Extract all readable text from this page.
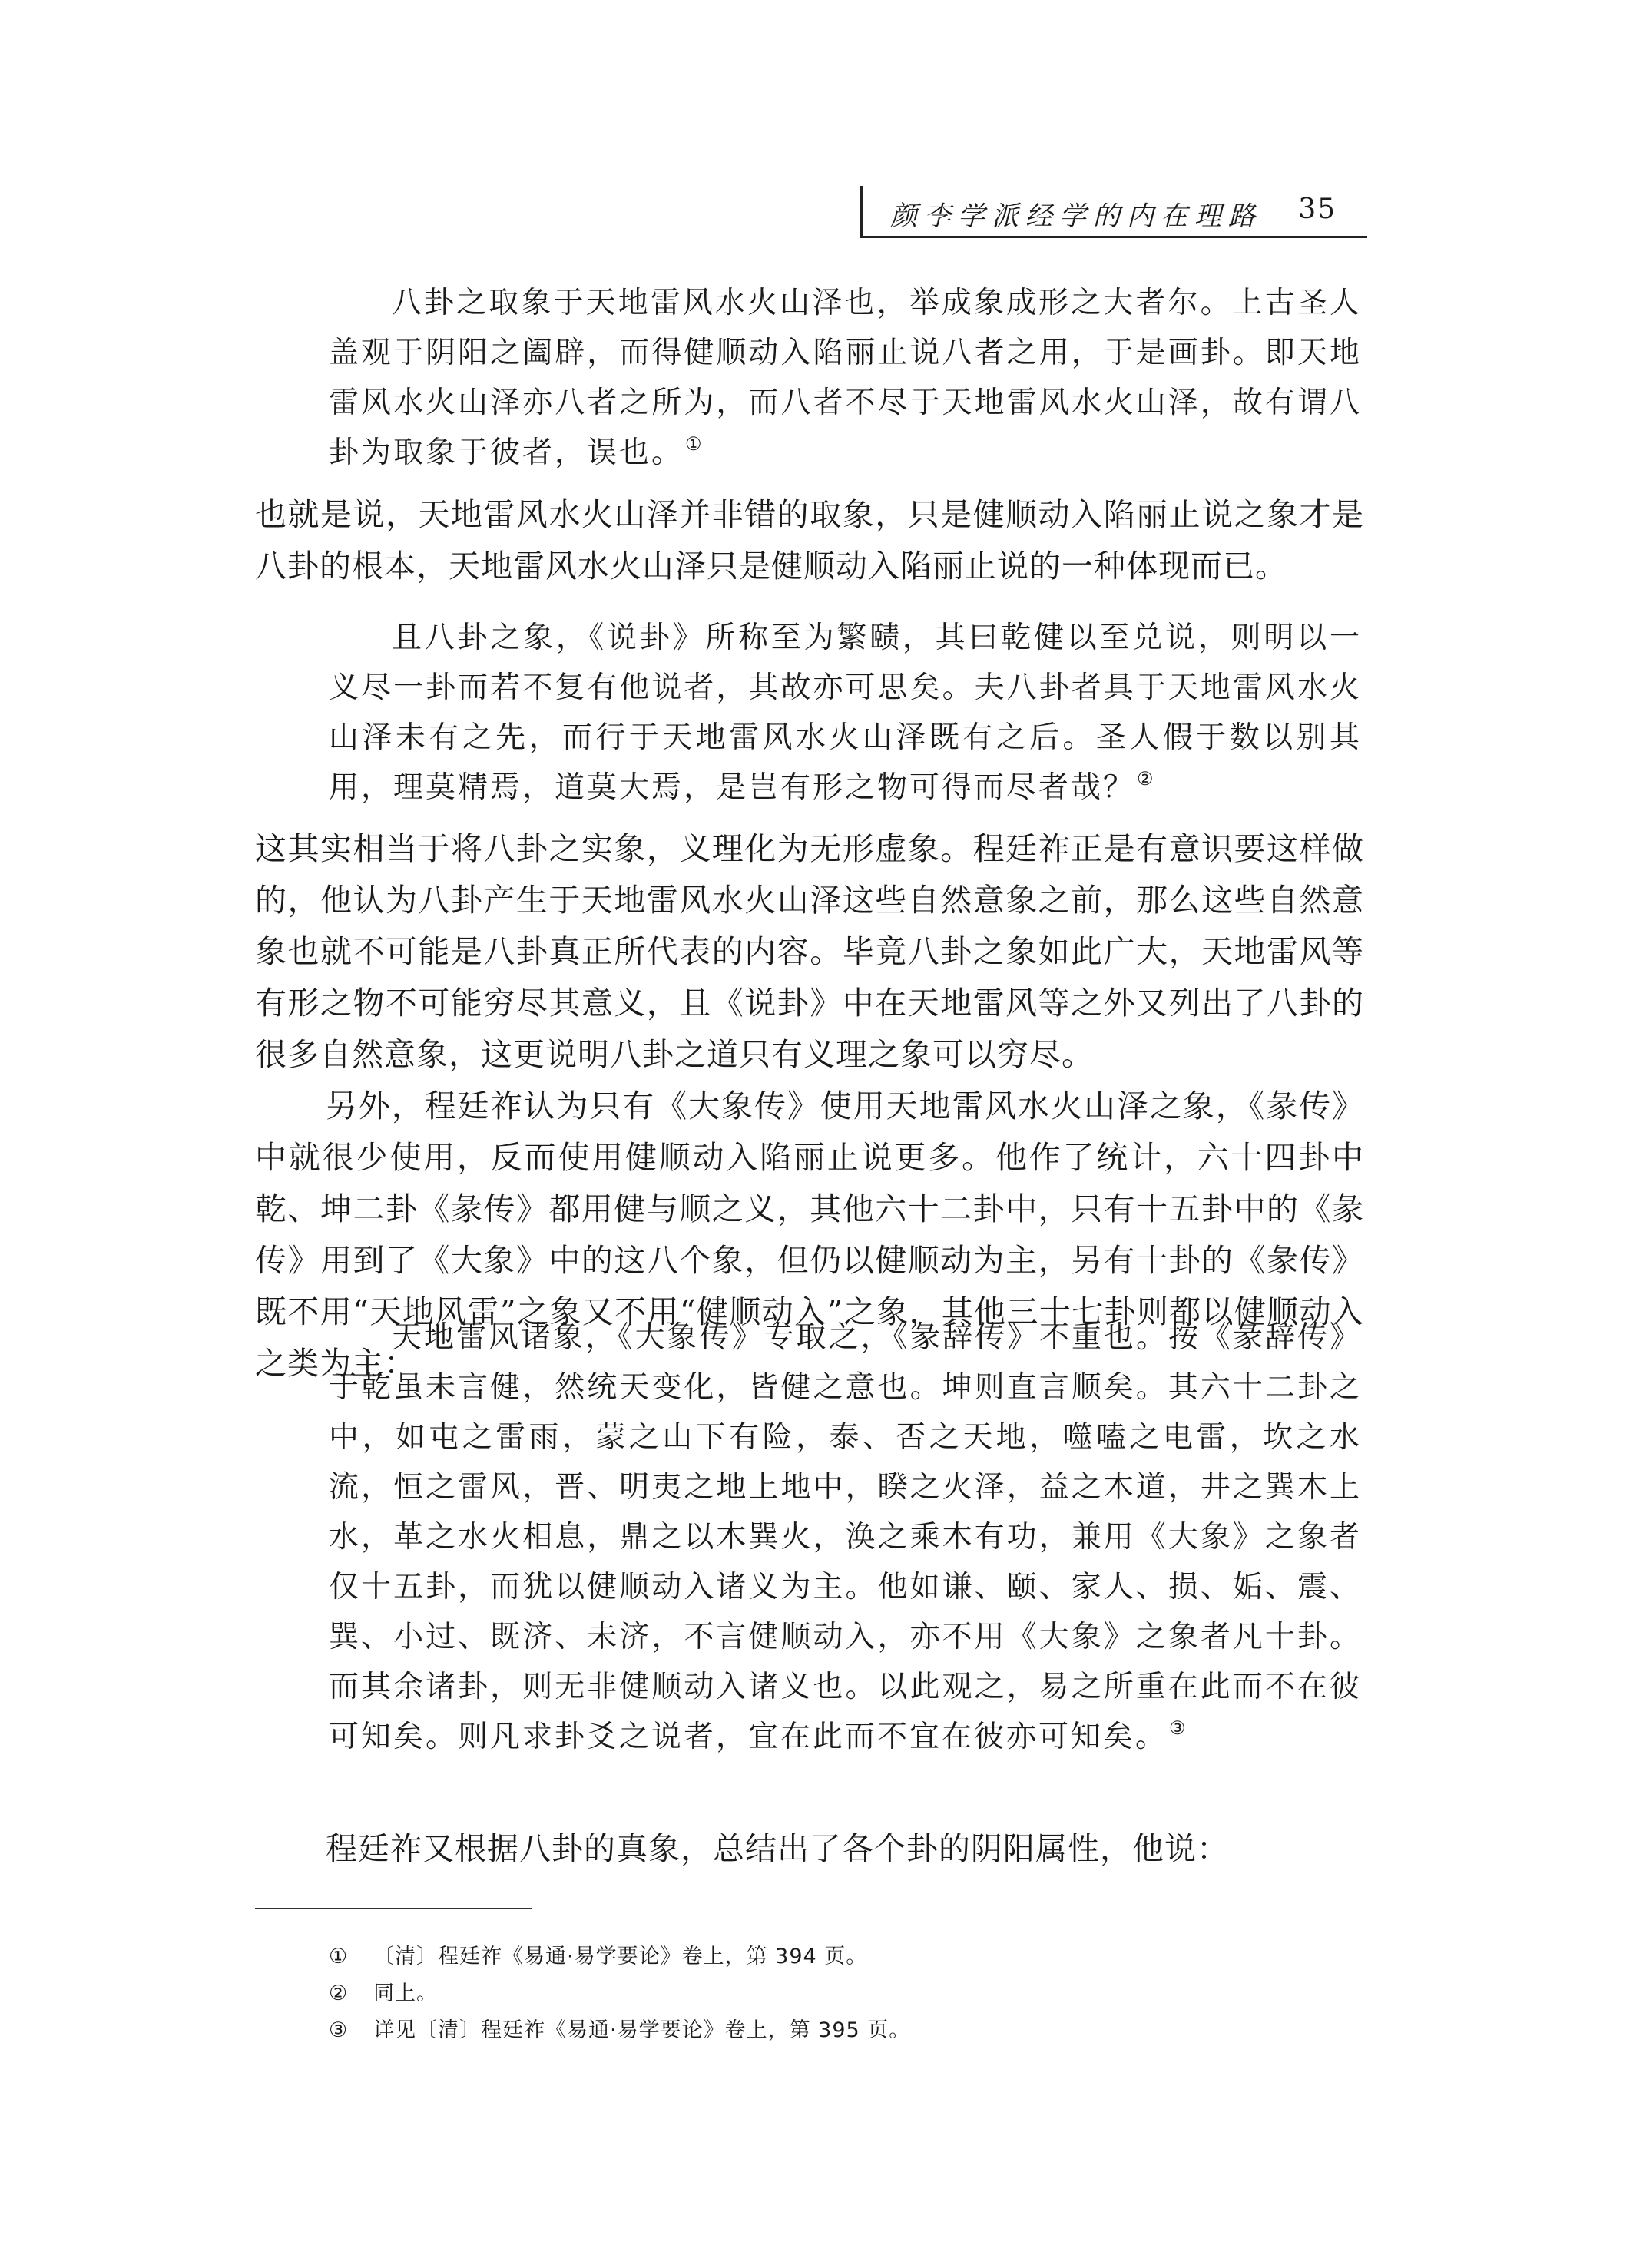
颜李学派经学的内在理路 35

八卦之取象于天地雷风水火山泽也，举成象成形之大者尔。上古圣人盖观于阴阳之阖辟，而得健顺动入陷丽止说八者之用，于是画卦。即天地雷风水火山泽亦八者之所为，而八者不尽于天地雷风水火山泽，故有谓八卦为取象于彼者，误也。①

也就是说，天地雷风水火山泽并非错的取象，只是健顺动入陷丽止说之象才是八卦的根本，天地雷风水火山泽只是健顺动入陷丽止说的一种体现而已。

且八卦之象，《说卦》所称至为繁赜，其曰乾健以至兑说，则明以一义尽一卦而若不复有他说者，其故亦可思矣。夫八卦者具于天地雷风水火山泽未有之先，而行于天地雷风水火山泽既有之后。圣人假于数以别其用，理莫精焉，道莫大焉，是岂有形之物可得而尽者哉？②

这其实相当于将八卦之实象，义理化为无形虚象。程廷祚正是有意识要这样做的，他认为八卦产生于天地雷风水火山泽这些自然意象之前，那么这些自然意象也就不可能是八卦真正所代表的内容。毕竟八卦之象如此广大，天地雷风等有形之物不可能穷尽其意义，且《说卦》中在天地雷风等之外又列出了八卦的很多自然意象，这更说明八卦之道只有义理之象可以穷尽。

另外，程廷祚认为只有《大象传》使用天地雷风水火山泽之象，《彖传》中就很少使用，反而使用健顺动入陷丽止说更多。他作了统计，六十四卦中乾、坤二卦《彖传》都用健与顺之义，其他六十二卦中，只有十五卦中的《彖传》用到了《大象》中的这八个象，但仍以健顺动为主，另有十卦的《彖传》既不用“天地风雷”之象又不用“健顺动入”之象，其他三十七卦则都以健顺动入之类为主：

天地雷风诸象，《大象传》专取之，《彖辞传》不重也。按《彖辞传》于乾虽未言健，然统天变化，皆健之意也。坤则直言顺矣。其六十二卦之中，如屯之雷雨，蒙之山下有险，泰、否之天地，噬嗑之电雷，坎之水流，恒之雷风，晋、明夷之地上地中，睽之火泽，益之木道，井之巽木上水，革之水火相息，鼎之以木巽火，涣之乘木有功，兼用《大象》之象者仅十五卦，而犹以健顺动入诸义为主。他如谦、颐、家人、损、姤、震、巽、小过、既济、未济，不言健顺动入，亦不用《大象》之象者凡十卦。而其余诸卦，则无非健顺动入诸义也。以此观之，易之所重在此而不在彼可知矣。则凡求卦爻之说者，宜在此而不宜在彼亦可知矣。③

程廷祚又根据八卦的真象，总结出了各个卦的阴阳属性，他说：

①	〔清〕程廷祚《易通·易学要论》卷上，第 394 页。
②	同上。
③	详见〔清〕程廷祚《易通·易学要论》卷上，第 395 页。
